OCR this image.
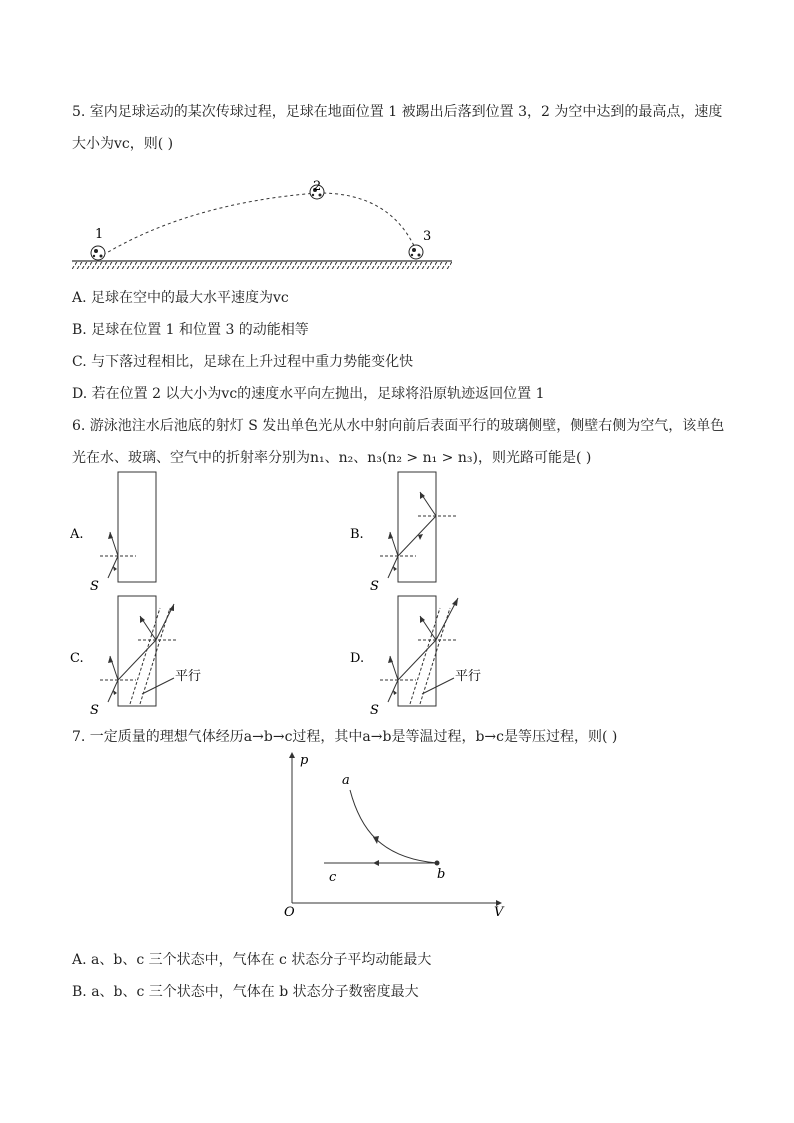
5. 室内足球运动的某次传球过程，足球在地面位置 1 被踢出后落到位置 3，2 为空中达到的最高点，速度
大小为vc，则( )
1
2
3
A. 足球在空中的最大水平速度为vc
B. 足球在位置 1 和位置 3 的动能相等
C. 与下落过程相比，足球在上升过程中重力势能变化快
D. 若在位置 2 以大小为vc的速度水平向左抛出，足球将沿原轨迹返回位置 1
6. 游泳池注水后池底的射灯 S 发出单色光从水中射向前后表面平行的玻璃侧壁，侧壁右侧为空气，该单色
光在水、玻璃、空气中的折射率分别为n₁、n₂、n₃(n₂ > n₁ > n₃)，则光路可能是( )
A.
S
B.
S
C.
平行
S
D.
平行
S
7. 一定质量的理想气体经历a→b→c过程，其中a→b是等温过程，b→c是等压过程，则( )
p
V
O
a
b
c
A. a、b、c 三个状态中，气体在 c 状态分子平均动能最大
B. a、b、c 三个状态中，气体在 b 状态分子数密度最大
